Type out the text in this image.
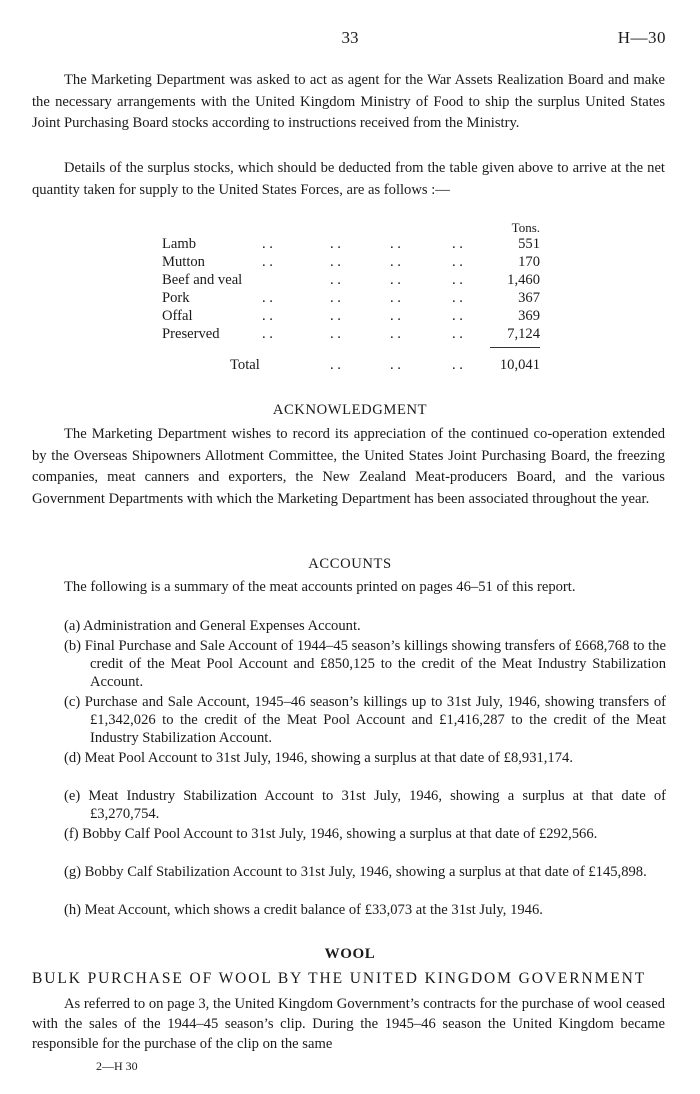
33	H—30

The Marketing Department was asked to act as agent for the War Assets Realization Board and make the necessary arrangements with the United Kingdom Ministry of Food to ship the surplus United States Joint Purchasing Board stocks according to instructions received from the Ministry.

Details of the surplus stocks, which should be deducted from the table given above to arrive at the net quantity taken for supply to the United States Forces, are as follows :—

Tons.
Lamb	. .	. .	. .	. .	551
Mutton	. .	. .	. .	. .	170
Beef and veal	. .	. .	. .	1,460
Pork	. .	. .	. .	. .	367
Offal	. .	. .	. .	. .	369
Preserved	. .	. .	. .	. .	7,124
Total	. .	. .	. .	10,041
ACKNOWLEDGMENT

The Marketing Department wishes to record its appreciation of the continued co-operation extended by the Overseas Shipowners Allotment Committee, the United States Joint Purchasing Board, the freezing companies, meat canners and exporters, the New Zealand Meat-producers Board, and the various Government Departments with which the Marketing Department has been associated throughout the year.

ACCOUNTS

The following is a summary of the meat accounts printed on pages 46–51 of this report.

(a) Administration and General Expenses Account.
(b) Final Purchase and Sale Account of 1944–45 season’s killings showing transfers of £668,768 to the credit of the Meat Pool Account and £850,125 to the credit of the Meat Industry Stabilization Account.
(c) Purchase and Sale Account, 1945–46 season’s killings up to 31st July, 1946, showing transfers of £1,342,026 to the credit of the Meat Pool Account and £1,416,287 to the credit of the Meat Industry Stabilization Account.
(d) Meat Pool Account to 31st July, 1946, showing a surplus at that date of £8,931,174.
(e) Meat Industry Stabilization Account to 31st July, 1946, showing a surplus at that date of £3,270,754.
(f) Bobby Calf Pool Account to 31st July, 1946, showing a surplus at that date of £292,566.
(g) Bobby Calf Stabilization Account to 31st July, 1946, showing a surplus at that date of £145,898.
(h) Meat Account, which shows a credit balance of £33,073 at the 31st July, 1946.
WOOL
BULK PURCHASE OF WOOL BY THE UNITED KINGDOM GOVERNMENT

As referred to on page 3, the United Kingdom Government’s contracts for the purchase of wool ceased with the sales of the 1944–45 season’s clip. During the 1945–46 season the United Kingdom became responsible for the purchase of the clip on the same

2—H 30
